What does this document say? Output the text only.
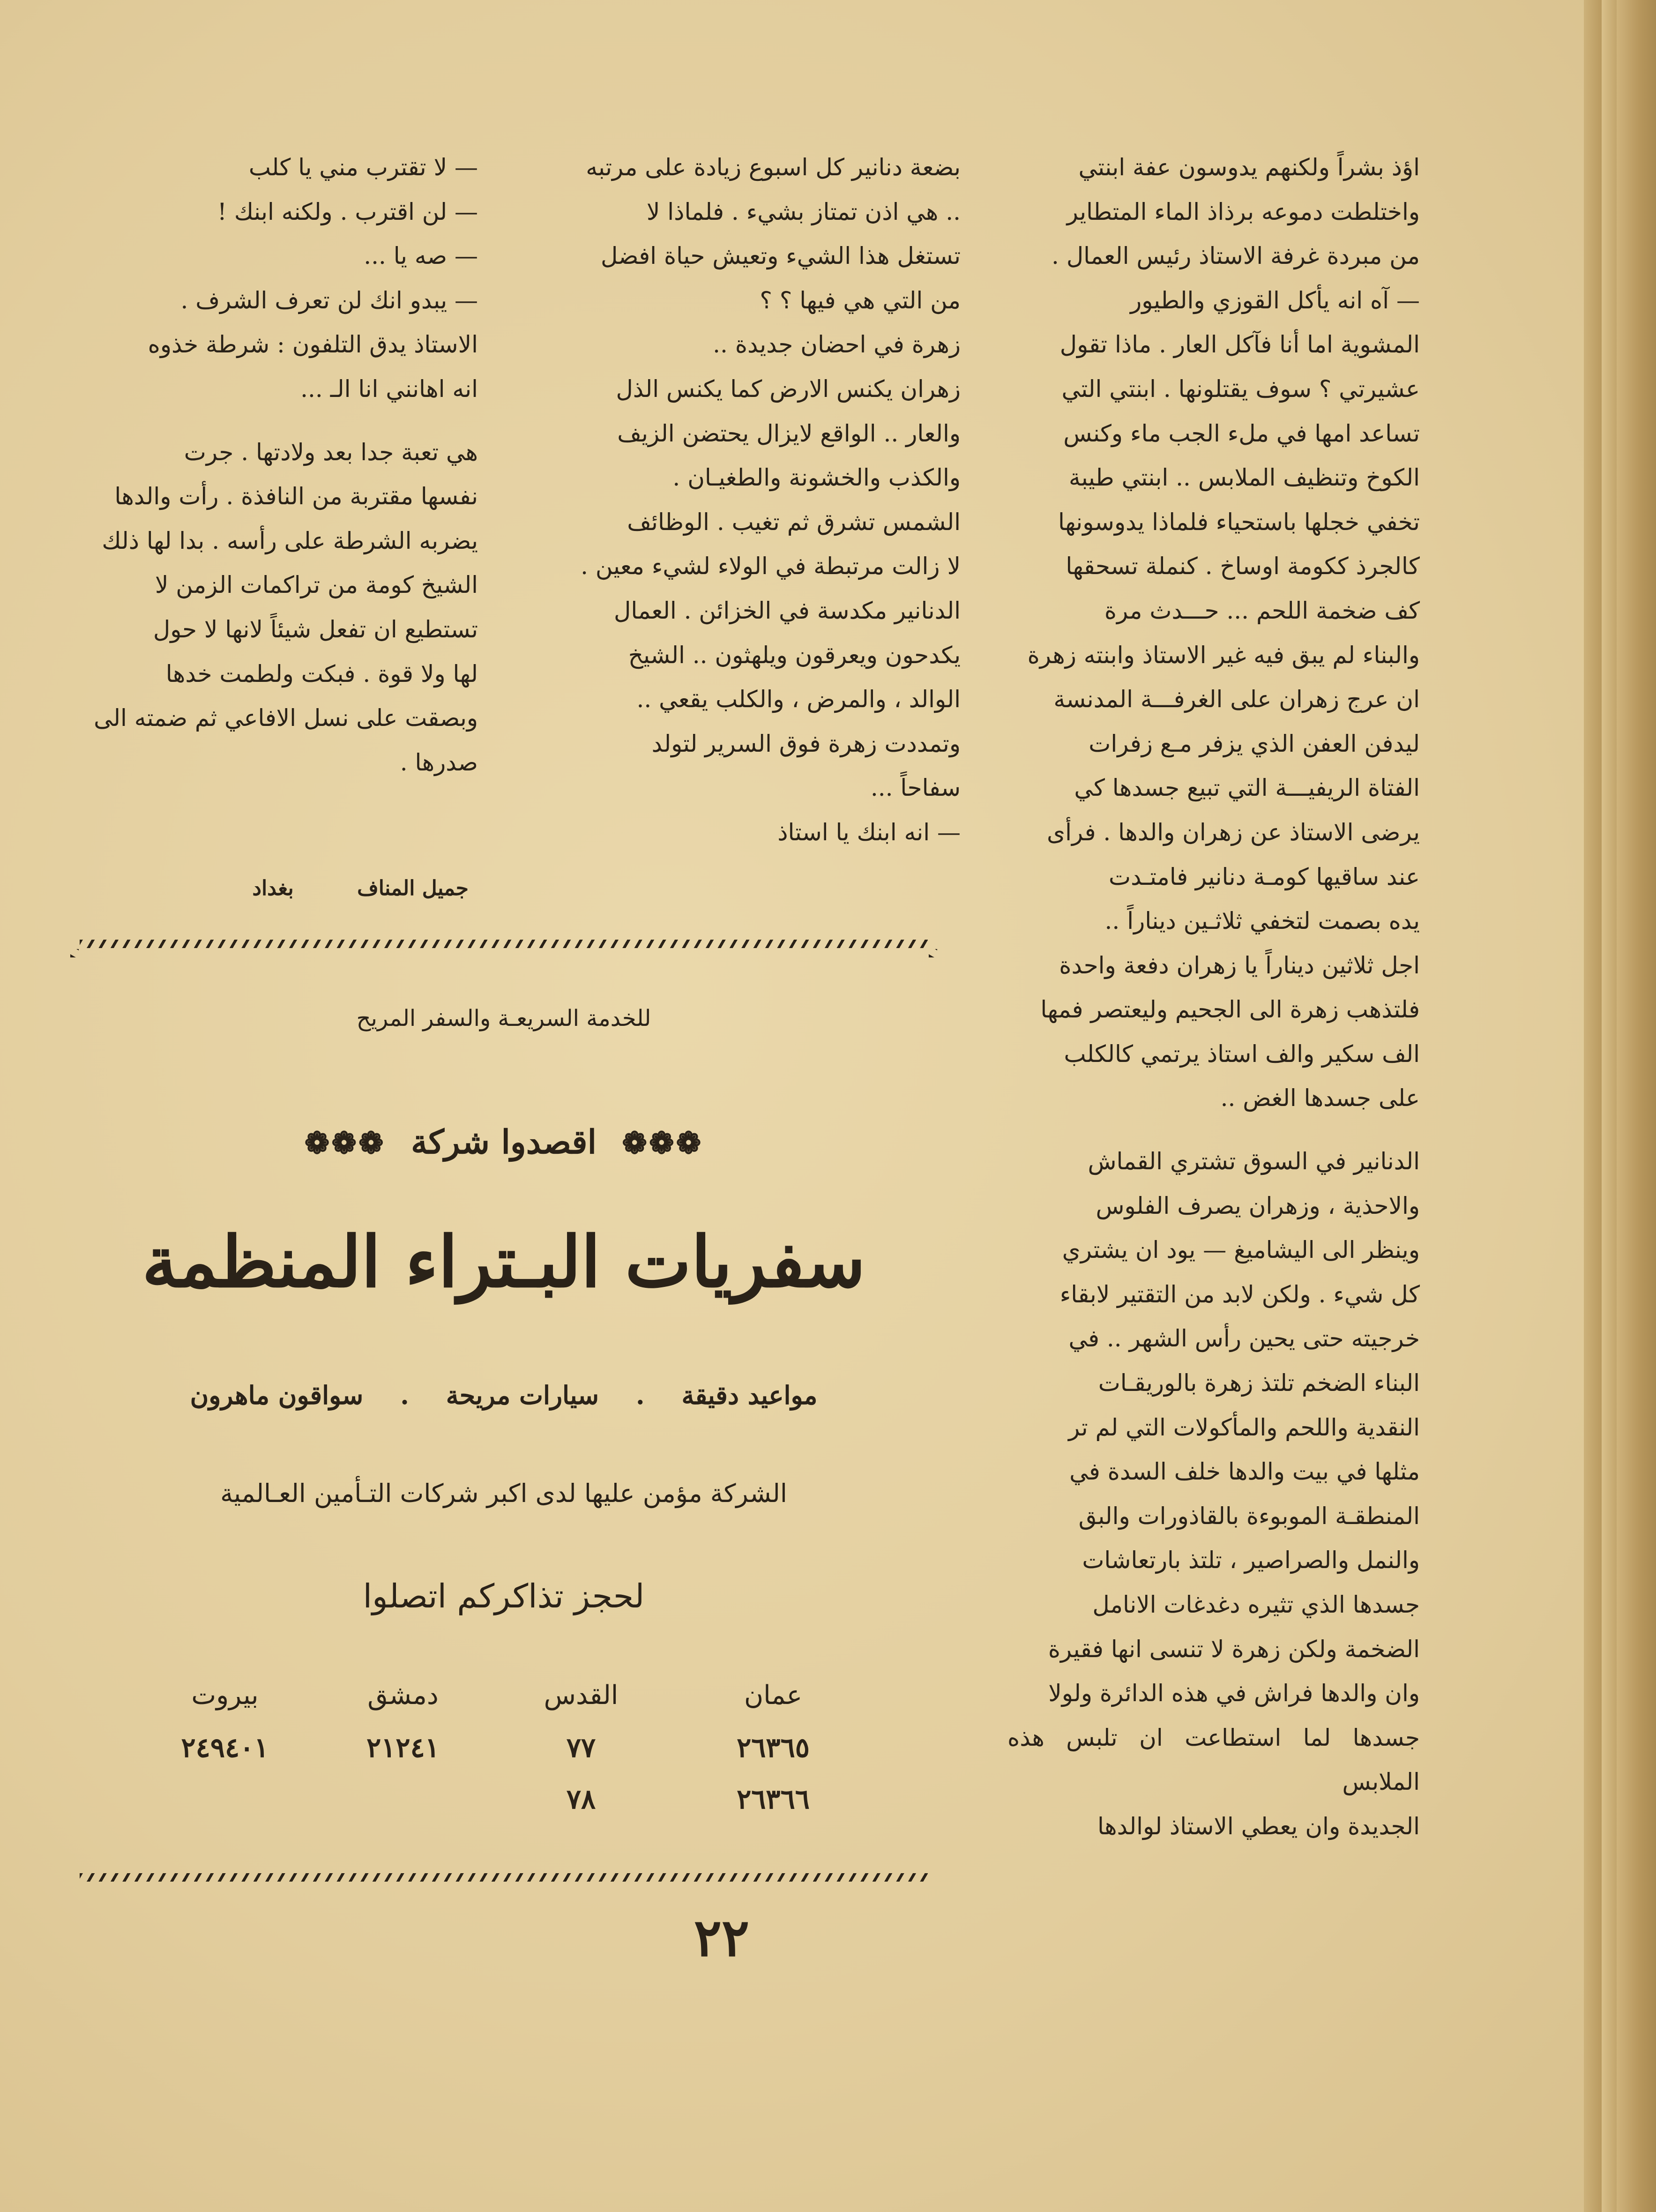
اؤذ بشراً ولكنهم يدوسون عفة ابنتي

واختلطت دموعه برذاذ الماء المتطاير

من مبردة غرفة الاستاذ رئيس العمال .

— آه انه يأكل القوزي والطيور

المشوية اما أنا فآكل العار . ماذا تقول

عشيرتي ؟ سوف يقتلونها . ابنتي التي

تساعد امها في ملء الجب ماء وكنس

الكوخ وتنظيف الملابس .. ابنتي طيبة

تخفي خجلها باستحياء فلماذا يدوسونها

كالجرذ ككومة اوساخ . كنملة تسحقها

كف ضخمة اللحم ... حـــدث مرة

والبناء لم يبق فيه غير الاستاذ وابنته زهرة

ان عرج زهران على الغرفـــة المدنسة

ليدفن العفن الذي يزفر مـع زفرات

الفتاة الريفيـــة التي تبيع جسدها كي

يرضى الاستاذ عن زهران والدها . فرأى

عند ساقيها كومـة دنانير فامتـدت

يده بصمت لتخفي ثلاثـين ديناراً ..

اجل ثلاثين ديناراً يا زهران دفعة واحدة

فلتذهب زهرة الى الجحيم وليعتصر فمها

الف سكير والف استاذ يرتمي كالكلب

على جسدها الغض ..

الدنانير في السوق تشتري القماش

والاحذية ، وزهران يصرف الفلوس

وينظر الى اليشاميغ — يود ان يشتري

كل شيء . ولكن لابد من التقتير لابقاء

خرجيته حتى يحين رأس الشهر .. في

البناء الضخم تلتذ زهرة بالوريقـات

النقدية واللحم والمأكولات التي لم تر

مثلها في بيت والدها خلف السدة في

المنطقـة الموبوءة بالقاذورات والبق

والنمل والصراصير ، تلتذ بارتعاشات

جسدها الذي تثيره دغدغات الانامل

الضخمة ولكن زهرة لا تنسى انها فقيرة

وان والدها فراش في هذه الدائرة ولولا

جسدها لما استطاعت ان تلبس هذه الملابس

الجديدة وان يعطي الاستاذ لوالدها

بضعة دنانير كل اسبوع زيادة على مرتبه

.. هي اذن تمتاز بشيء . فلماذا لا

تستغل هذا الشيء وتعيش حياة افضل

من التي هي فيها ؟ ؟

زهرة في احضان جديدة ..

زهران يكنس الارض كما يكنس الذل

والعار .. الواقع لايزال يحتضن الزيف

والكذب والخشونة والطغيـان .

الشمس تشرق ثم تغيب . الوظائف

لا زالت مرتبطة في الولاء لشيء معين .

الدنانير مكدسة في الخزائن . العمال

يكدحون ويعرقون ويلهثون .. الشيخ

الوالد ، والمرض ، والكلب يقعي ..

وتمددت زهرة فوق السرير لتولد

سفاحاً ...

— انه ابنك يا استاذ

— لا تقترب مني يا كلب

— لن اقترب . ولكنه ابنك !

— صه يا ...

— يبدو انك لن تعرف الشرف .

الاستاذ يدق التلفون : شرطة خذوه

انه اهانني انا الـ ...

هي تعبة جدا بعد ولادتها . جرت

نفسها مقتربة من النافذة . رأت والدها

يضربه الشرطة على رأسه . بدا لها ذلك

الشيخ كومة من تراكمات الزمن لا

تستطيع ان تفعل شيئاً لانها لا حول

لها ولا قوة . فبكت ولطمت خدها

وبصقت على نسل الافاعي ثم ضمته الى

صدرها .

جميل المناف بغداد
للخدمة السريعـة والسفر المريح
❁❁❁ اقصدوا شركة ❁❁❁
سفريات البـتراء المنظمة
مواعيد دقيقة . سيارات مريحة . سواقون ماهرون
الشركة مؤمن عليها لدى اكبر شركات التـأمين العـالمية
لحجز تذاكركم اتصلوا
عمان
القدس
دمشق
بيروت
٢٦٣٦٥
٧٧
٢١٢٤١
٢٤٩٤٠١
٢٦٣٦٦
٧٨
٢٢
